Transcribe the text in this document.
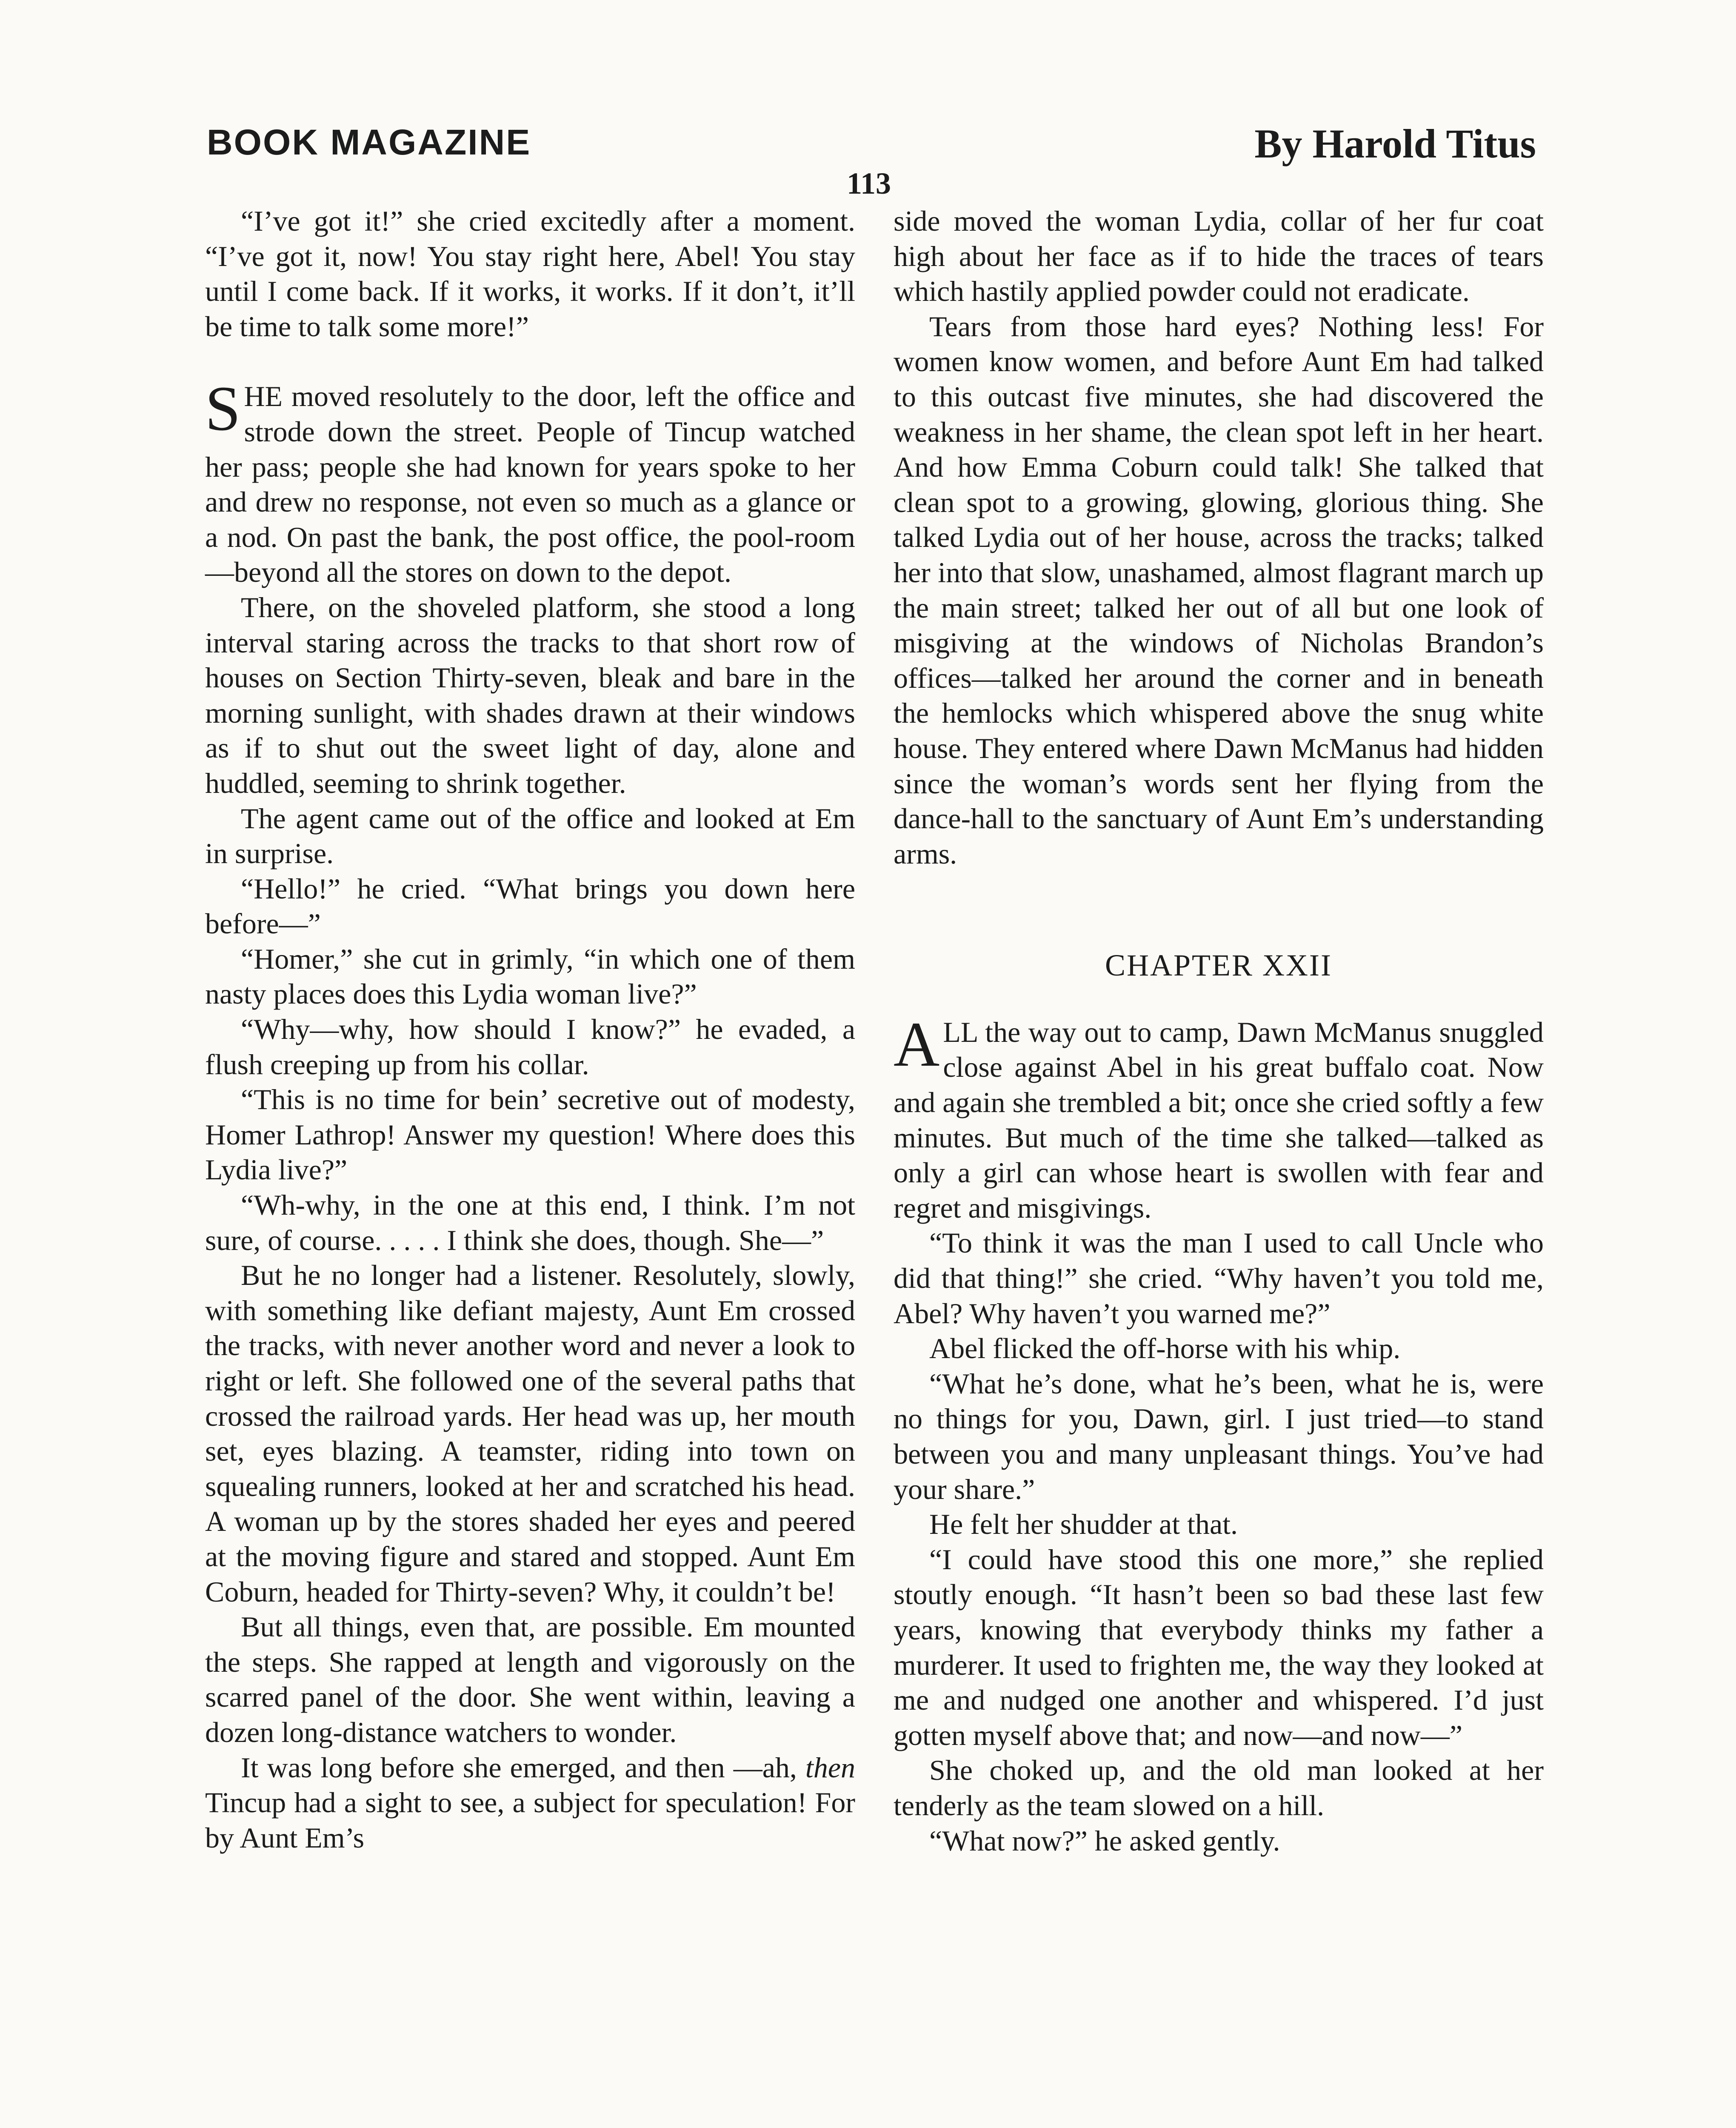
BOOK MAGAZINE	By Harold Titus
113

“I’ve got it!” she cried excitedly after a moment. “I’ve got it, now! You stay right here, Abel! You stay until I come back. If it works, it works. If it don’t, it’ll be time to talk some more!”

SHE moved resolutely to the door, left the office and strode down the street. People of Tincup watched her pass; people she had known for years spoke to her and drew no response, not even so much as a glance or a nod. On past the bank, the post office, the pool-room—beyond all the stores on down to the depot.

There, on the shoveled platform, she stood a long interval staring across the tracks to that short row of houses on Section Thirty-seven, bleak and bare in the morning sunlight, with shades drawn at their windows as if to shut out the sweet light of day, alone and huddled, seeming to shrink together.

The agent came out of the office and looked at Em in surprise.

“Hello!” he cried. “What brings you down here before—”

“Homer,” she cut in grimly, “in which one of them nasty places does this Lydia woman live?”

“Why—why, how should I know?” he evaded, a flush creeping up from his collar.

“This is no time for bein’ secretive out of modesty, Homer Lathrop! Answer my question! Where does this Lydia live?”

“Wh-why, in the one at this end, I think. I’m not sure, of course. . . . . I think she does, though. She—”

But he no longer had a listener. Resolutely, slowly, with something like defiant majesty, Aunt Em crossed the tracks, with never another word and never a look to right or left. She followed one of the several paths that crossed the railroad yards. Her head was up, her mouth set, eyes blazing. A teamster, riding into town on squealing runners, looked at her and scratched his head. A woman up by the stores shaded her eyes and peered at the moving figure and stared and stopped. Aunt Em Coburn, headed for Thirty-seven? Why, it couldn’t be!

But all things, even that, are possible. Em mounted the steps. She rapped at length and vigorously on the scarred panel of the door. She went within, leaving a dozen long-distance watchers to wonder.

It was long before she emerged, and then —ah, then Tincup had a sight to see, a subject for speculation! For by Aunt Em’s

side moved the woman Lydia, collar of her fur coat high about her face as if to hide the traces of tears which hastily applied powder could not eradicate.

Tears from those hard eyes? Nothing less! For women know women, and before Aunt Em had talked to this outcast five minutes, she had discovered the weakness in her shame, the clean spot left in her heart. And how Emma Coburn could talk! She talked that clean spot to a growing, glowing, glorious thing. She talked Lydia out of her house, across the tracks; talked her into that slow, unashamed, almost flagrant march up the main street; talked her out of all but one look of misgiving at the windows of Nicholas Brandon’s offices—talked her around the corner and in beneath the hemlocks which whispered above the snug white house. They entered where Dawn McManus had hidden since the woman’s words sent her flying from the dance-hall to the sanctuary of Aunt Em’s understanding arms.

CHAPTER XXII

ALL the way out to camp, Dawn McManus snuggled close against Abel in his great buffalo coat. Now and again she trembled a bit; once she cried softly a few minutes. But much of the time she talked—talked as only a girl can whose heart is swollen with fear and regret and misgivings.

“To think it was the man I used to call Uncle who did that thing!” she cried. “Why haven’t you told me, Abel? Why haven’t you warned me?”

Abel flicked the off-horse with his whip.

“What he’s done, what he’s been, what he is, were no things for you, Dawn, girl. I just tried—to stand between you and many unpleasant things. You’ve had your share.”

He felt her shudder at that.

“I could have stood this one more,” she replied stoutly enough. “It hasn’t been so bad these last few years, knowing that everybody thinks my father a murderer. It used to frighten me, the way they looked at me and nudged one another and whispered. I’d just gotten myself above that; and now—and now—”

She choked up, and the old man looked at her tenderly as the team slowed on a hill.

“What now?” he asked gently.
